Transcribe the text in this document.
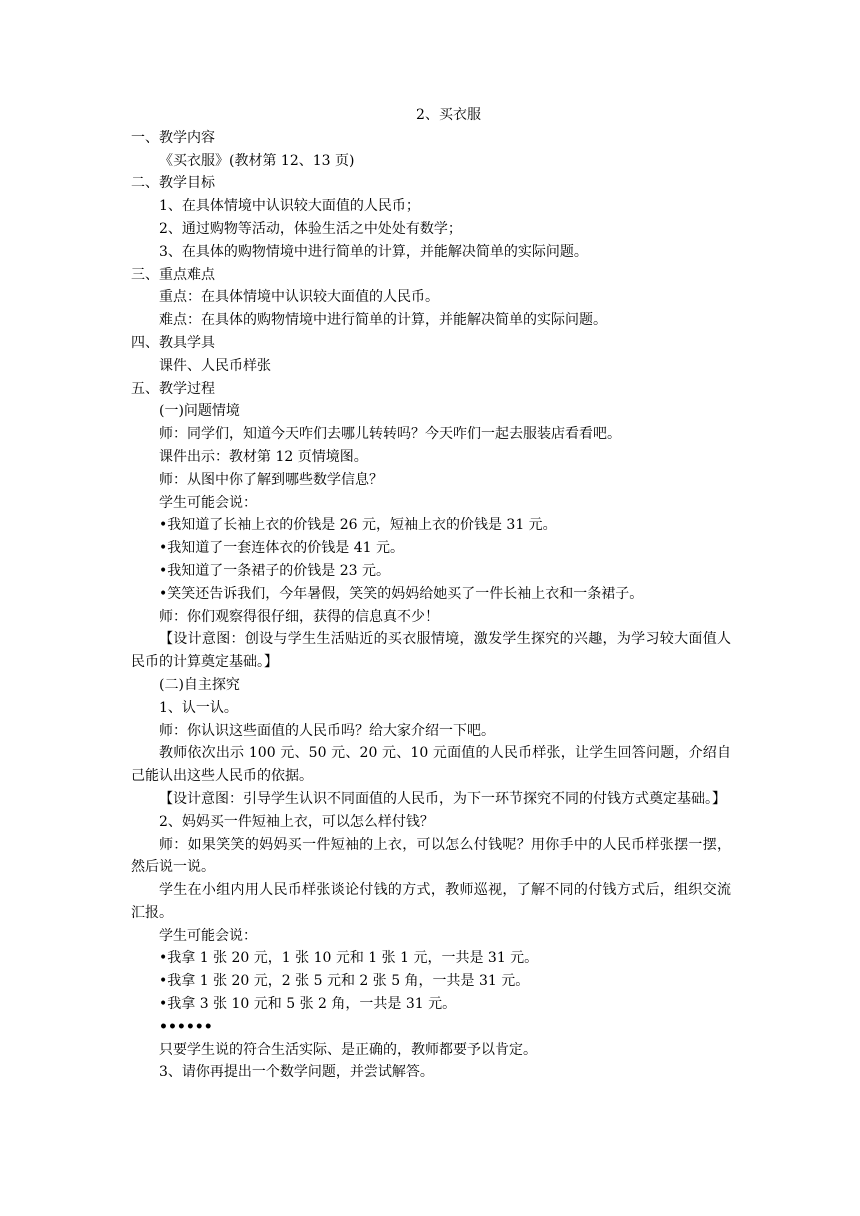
2、买衣服

一、教学内容

《买衣服》(教材第 12、13 页)

二、教学目标

1、在具体情境中认识较大面值的人民币；

2、通过购物等活动，体验生活之中处处有数学；

3、在具体的购物情境中进行简单的计算，并能解决简单的实际问题。

三、重点难点

重点：在具体情境中认识较大面值的人民币。

难点：在具体的购物情境中进行简单的计算，并能解决简单的实际问题。

四、教具学具

课件、人民币样张

五、教学过程

(一)问题情境

师：同学们，知道今天咋们去哪儿转转吗？今天咋们一起去服装店看看吧。

课件出示：教材第 12 页情境图。

师：从图中你了解到哪些数学信息？

学生可能会说：

•我知道了长袖上衣的价钱是 26 元，短袖上衣的价钱是 31 元。

•我知道了一套连体衣的价钱是 41 元。

•我知道了一条裙子的价钱是 23 元。

•笑笑还告诉我们，今年暑假，笑笑的妈妈给她买了一件长袖上衣和一条裙子。

师：你们观察得很仔细，获得的信息真不少！

【设计意图：创设与学生生活贴近的买衣服情境，激发学生探究的兴趣，为学习较大面值人民币的计算奠定基础。】

(二)自主探究

1、认一认。

师：你认识这些面值的人民币吗？给大家介绍一下吧。

教师依次出示 100 元、50 元、20 元、10 元面值的人民币样张，让学生回答问题，介绍自己能认出这些人民币的依据。

【设计意图：引导学生认识不同面值的人民币，为下一环节探究不同的付钱方式奠定基础。】

2、妈妈买一件短袖上衣，可以怎么样付钱？

师：如果笑笑的妈妈买一件短袖的上衣，可以怎么付钱呢？用你手中的人民币样张摆一摆，然后说一说。

学生在小组内用人民币样张谈论付钱的方式，教师巡视，了解不同的付钱方式后，组织交流汇报。

学生可能会说：

•我拿 1 张 20 元，1 张 10 元和 1 张 1 元，一共是 31 元。

•我拿 1 张 20 元，2 张 5 元和 2 张 5 角，一共是 31 元。

•我拿 3 张 10 元和 5 张 2 角，一共是 31 元。

••••••

只要学生说的符合生活实际、是正确的，教师都要予以肯定。

3、请你再提出一个数学问题，并尝试解答。
